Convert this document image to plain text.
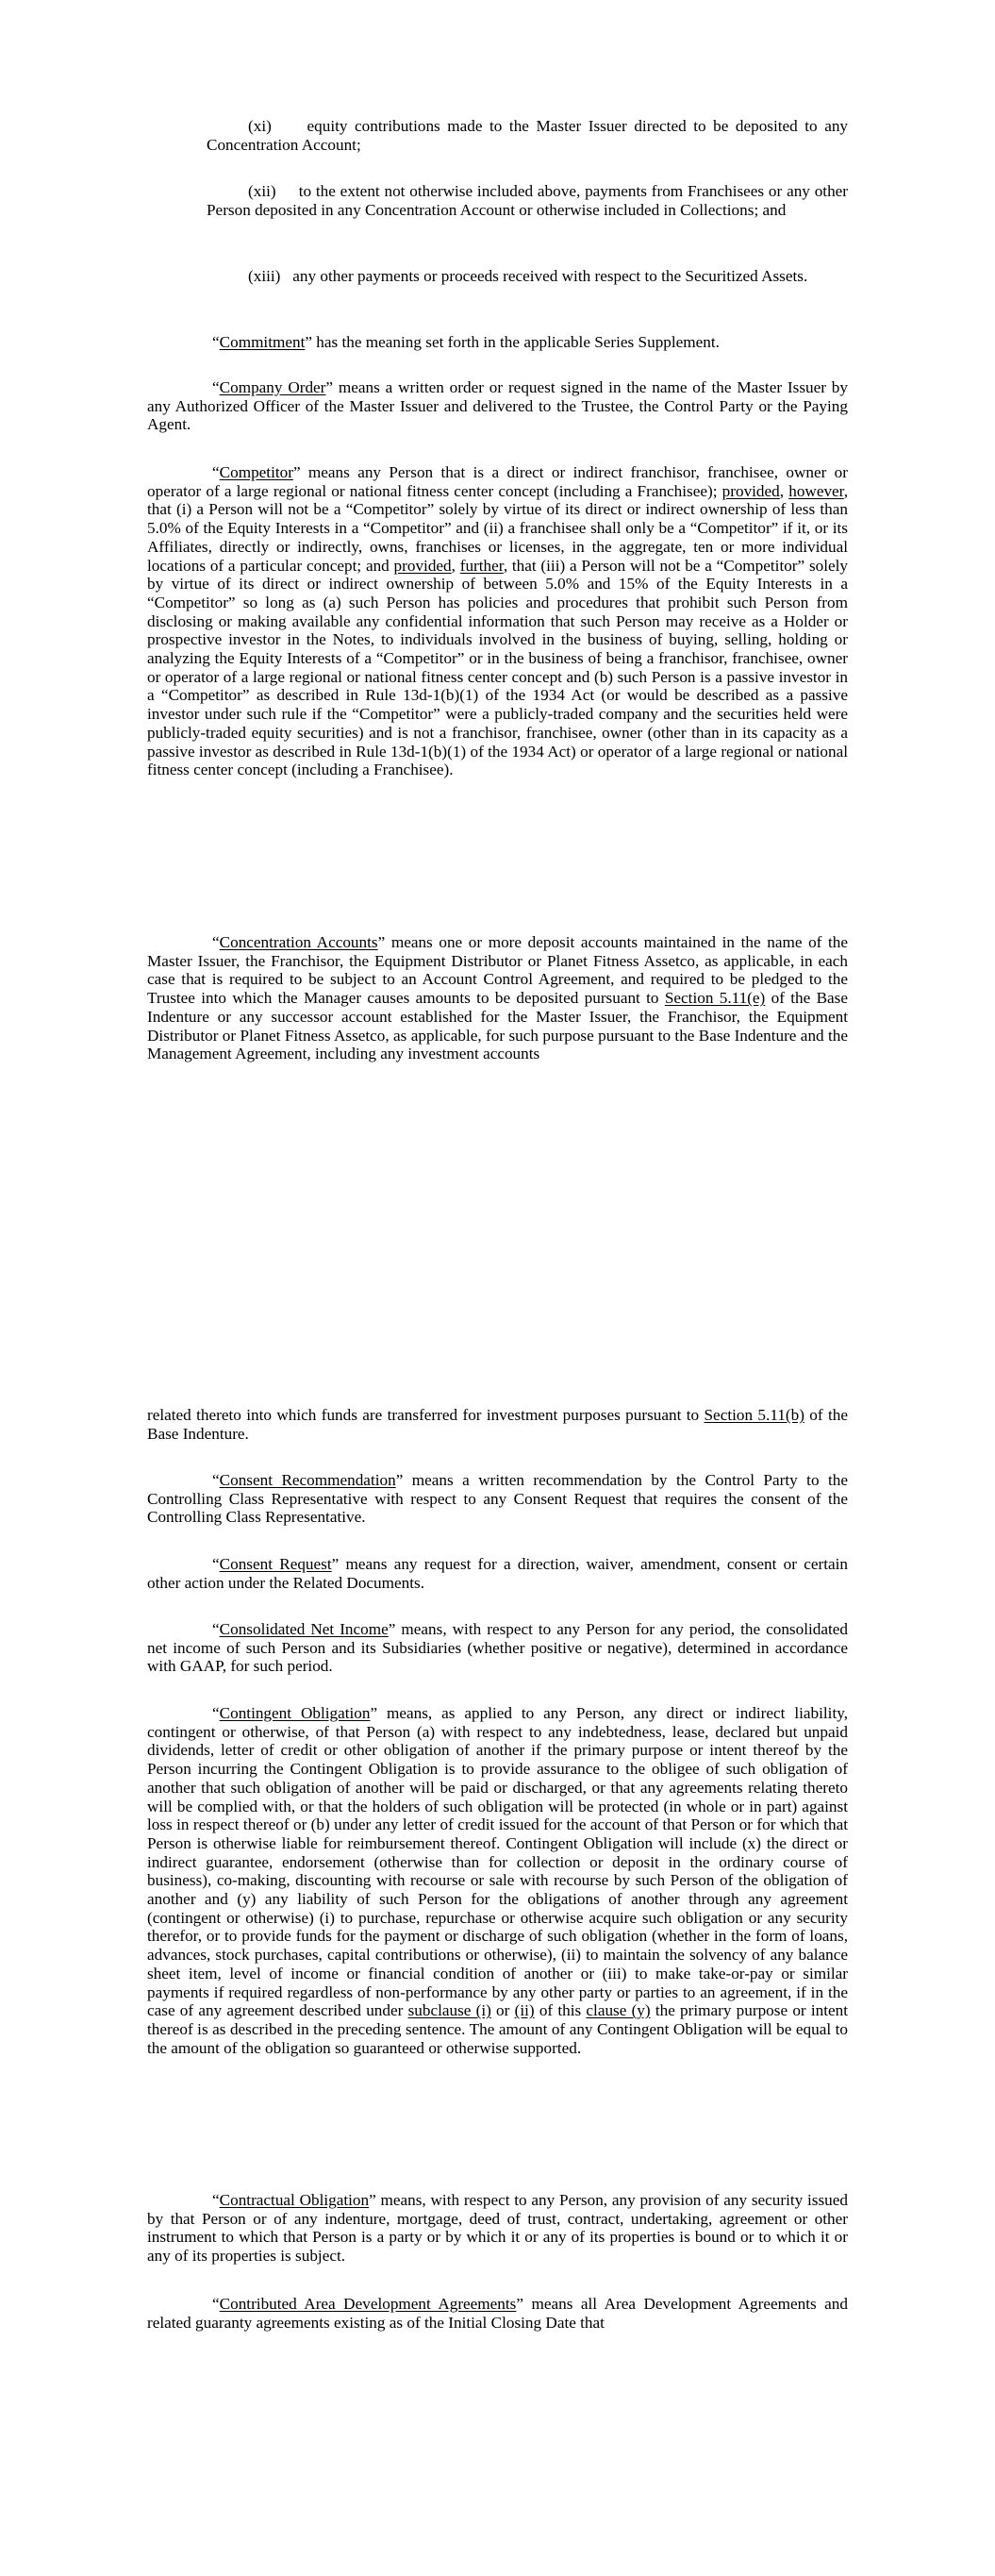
(xi) equity contributions made to the Master Issuer directed to be deposited to any Concentration Account;

(xii) to the extent not otherwise included above, payments from Franchisees or any other Person deposited in any Concentration Account or otherwise included in Collections; and

(xiii) any other payments or proceeds received with respect to the Securitized Assets.

“Commitment” has the meaning set forth in the applicable Series Supplement.

“Company Order” means a written order or request signed in the name of the Master Issuer by any Authorized Officer of the Master Issuer and delivered to the Trustee, the Control Party or the Paying Agent.

“Competitor” means any Person that is a direct or indirect franchisor, franchisee, owner or operator of a large regional or national fitness center concept (including a Franchisee); provided, however, that (i) a Person will not be a “Competitor” solely by virtue of its direct or indirect ownership of less than 5.0% of the Equity Interests in a “Competitor” and (ii) a franchisee shall only be a “Competitor” if it, or its Affiliates, directly or indirectly, owns, franchises or licenses, in the aggregate, ten or more individual locations of a particular concept; and provided, further, that (iii) a Person will not be a “Competitor” solely by virtue of its direct or indirect ownership of between 5.0% and 15% of the Equity Interests in a “Competitor” so long as (a) such Person has policies and procedures that prohibit such Person from disclosing or making available any confidential information that such Person may receive as a Holder or prospective investor in the Notes, to individuals involved in the business of buying, selling, holding or analyzing the Equity Interests of a “Competitor” or in the business of being a franchisor, franchisee, owner or operator of a large regional or national fitness center concept and (b) such Person is a passive investor in a “Competitor” as described in Rule 13d-1(b)(1) of the 1934 Act (or would be described as a passive investor under such rule if the “Competitor” were a publicly-traded company and the securities held were publicly-traded equity securities) and is not a franchisor, franchisee, owner (other than in its capacity as a passive investor as described in Rule 13d-1(b)(1) of the 1934 Act) or operator of a large regional or national fitness center concept (including a Franchisee).

“Concentration Accounts” means one or more deposit accounts maintained in the name of the Master Issuer, the Franchisor, the Equipment Distributor or Planet Fitness Assetco, as applicable, in each case that is required to be subject to an Account Control Agreement, and required to be pledged to the Trustee into which the Manager causes amounts to be deposited pursuant to Section 5.11(e) of the Base Indenture or any successor account established for the Master Issuer, the Franchisor, the Equipment Distributor or Planet Fitness Assetco, as applicable, for such purpose pursuant to the Base Indenture and the Management Agreement, including any investment accounts

related thereto into which funds are transferred for investment purposes pursuant to Section 5.11(b) of the Base Indenture.

“Consent Recommendation” means a written recommendation by the Control Party to the Controlling Class Representative with respect to any Consent Request that requires the consent of the Controlling Class Representative.

“Consent Request” means any request for a direction, waiver, amendment, consent or certain other action under the Related Documents.

“Consolidated Net Income” means, with respect to any Person for any period, the consolidated net income of such Person and its Subsidiaries (whether positive or negative), determined in accordance with GAAP, for such period.

“Contingent Obligation” means, as applied to any Person, any direct or indirect liability, contingent or otherwise, of that Person (a) with respect to any indebtedness, lease, declared but unpaid dividends, letter of credit or other obligation of another if the primary purpose or intent thereof by the Person incurring the Contingent Obligation is to provide assurance to the obligee of such obligation of another that such obligation of another will be paid or discharged, or that any agreements relating thereto will be complied with, or that the holders of such obligation will be protected (in whole or in part) against loss in respect thereof or (b) under any letter of credit issued for the account of that Person or for which that Person is otherwise liable for reimbursement thereof. Contingent Obligation will include (x) the direct or indirect guarantee, endorsement (otherwise than for collection or deposit in the ordinary course of business), co-making, discounting with recourse or sale with recourse by such Person of the obligation of another and (y) any liability of such Person for the obligations of another through any agreement (contingent or otherwise) (i) to purchase, repurchase or otherwise acquire such obligation or any security therefor, or to provide funds for the payment or discharge of such obligation (whether in the form of loans, advances, stock purchases, capital contributions or otherwise), (ii) to maintain the solvency of any balance sheet item, level of income or financial condition of another or (iii) to make take-or-pay or similar payments if required regardless of non-performance by any other party or parties to an agreement, if in the case of any agreement described under subclause (i) or (ii) of this clause (y) the primary purpose or intent thereof is as described in the preceding sentence. The amount of any Contingent Obligation will be equal to the amount of the obligation so guaranteed or otherwise supported.

“Contractual Obligation” means, with respect to any Person, any provision of any security issued by that Person or of any indenture, mortgage, deed of trust, contract, undertaking, agreement or other instrument to which that Person is a party or by which it or any of its properties is bound or to which it or any of its properties is subject.

“Contributed Area Development Agreements” means all Area Development Agreements and related guaranty agreements existing as of the Initial Closing Date that
